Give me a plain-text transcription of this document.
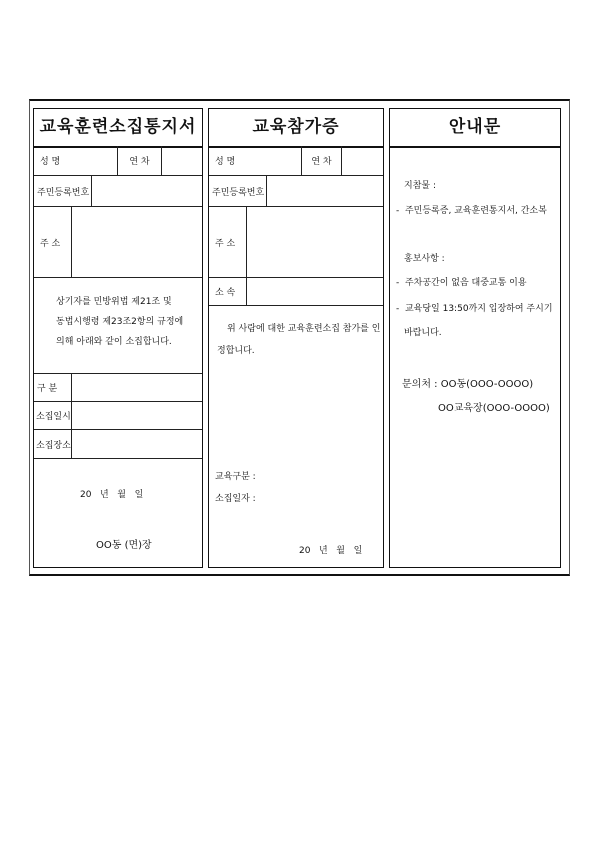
교육훈련소집통지서
성 명	연 차
주민등록번호
주 소
상기자를 민방위법 제21조 및
동법시행령 제23조2항의 규정에
의해 아래와 같이 소집합니다.
구 분
소집일시
소집장소
20   년   월   일
OO동 (면)장
교육참가증
성 명	연 차
주민등록번호
주 소
소 속
위 사람에 대한 교육훈련소집 참가를 인
정합니다.
교육구분 :
소집일자 :
20   년   월   일
안내문
지참물 :
-  주민등록증, 교육훈련통지서, 간소복
홍보사항 :
-  주차공간이 없음 대중교통 이용
-  교육당일 13:50까지 입장하여 주시기
바랍니다.
문의처 : OO동(OOO-OOOO)
OO교육장(OOO-OOOO)
